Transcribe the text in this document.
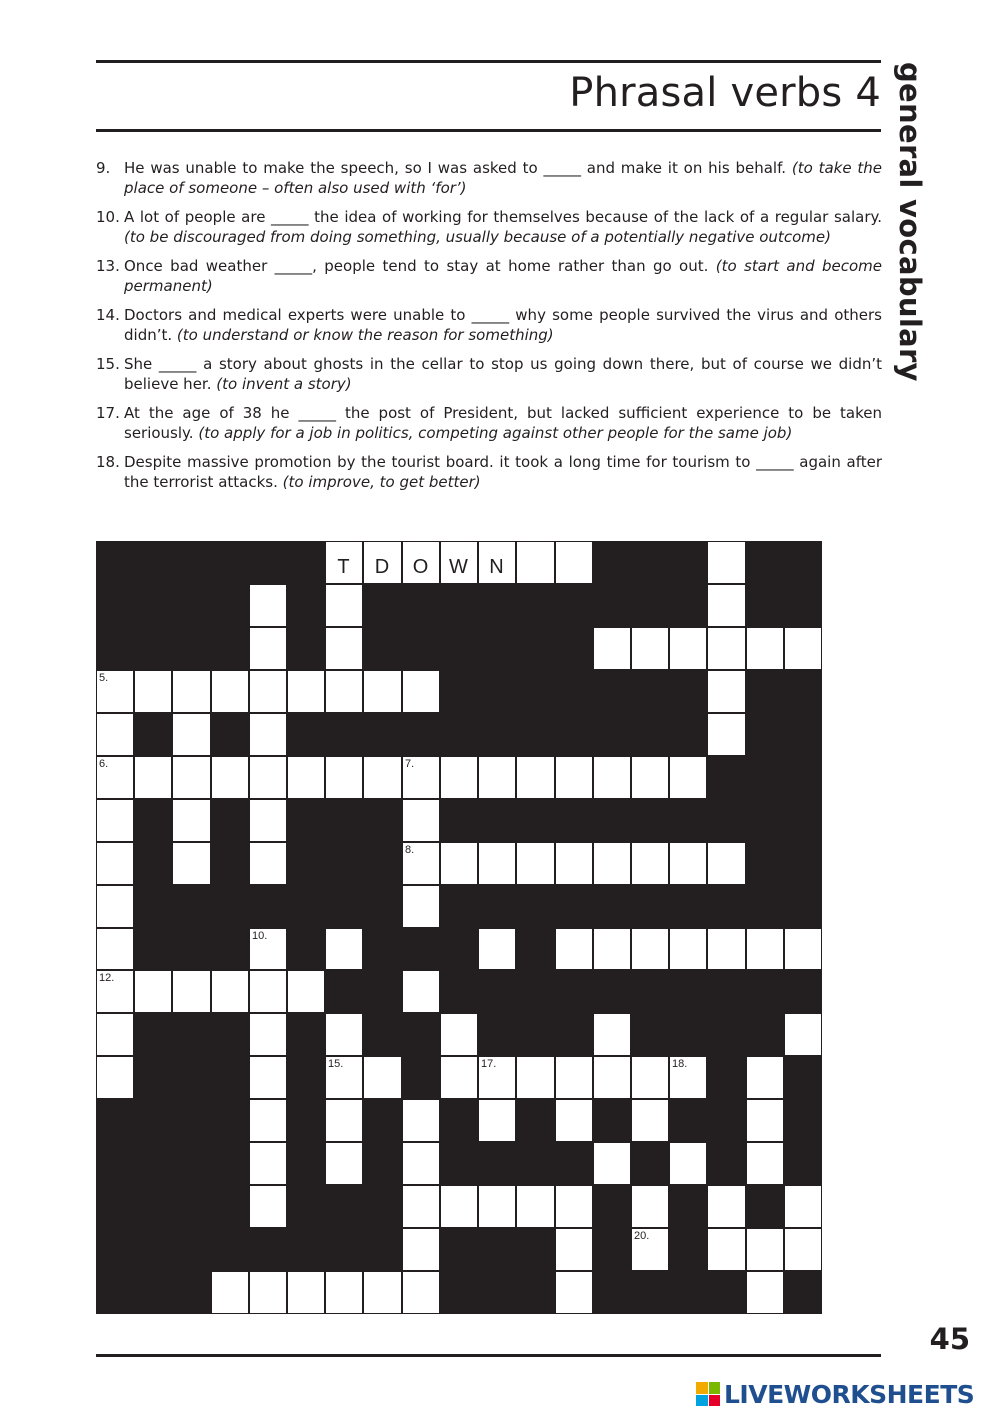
Phrasal verbs 4 general vocabulary
9. He was unable to make the speech, so I was asked to _____ and make it on his behalf. (to take the place of someone – often also used with ‘for’)
10. A lot of people are _____ the idea of working for themselves because of the lack of a regular salary. (to be discouraged from doing something, usually because of a potentially negative outcome)
13. Once bad weather _____, people tend to stay at home rather than go out. (to start and become permanent)
14. Doctors and medical experts were unable to _____ why some people survived the virus and others didn’t. (to understand or know the reason for something)
15. She _____ a story about ghosts in the cellar to stop us going down there, but of course we didn’t believe her. (to invent a story)
17. At the age of 38 he _____ the post of President, but lacked sufficient experience to be taken seriously. (to apply for a job in politics, competing against other people for the same job)
18. Despite massive promotion by the tourist board. it took a long time for tourism to _____ again after the terrorist attacks. (to improve, to get better)
T	D	O W	N
5.
6.	7.
8.
10.
12.
15.	17.	18.
20.
45
LIVEWORKSHEETS
